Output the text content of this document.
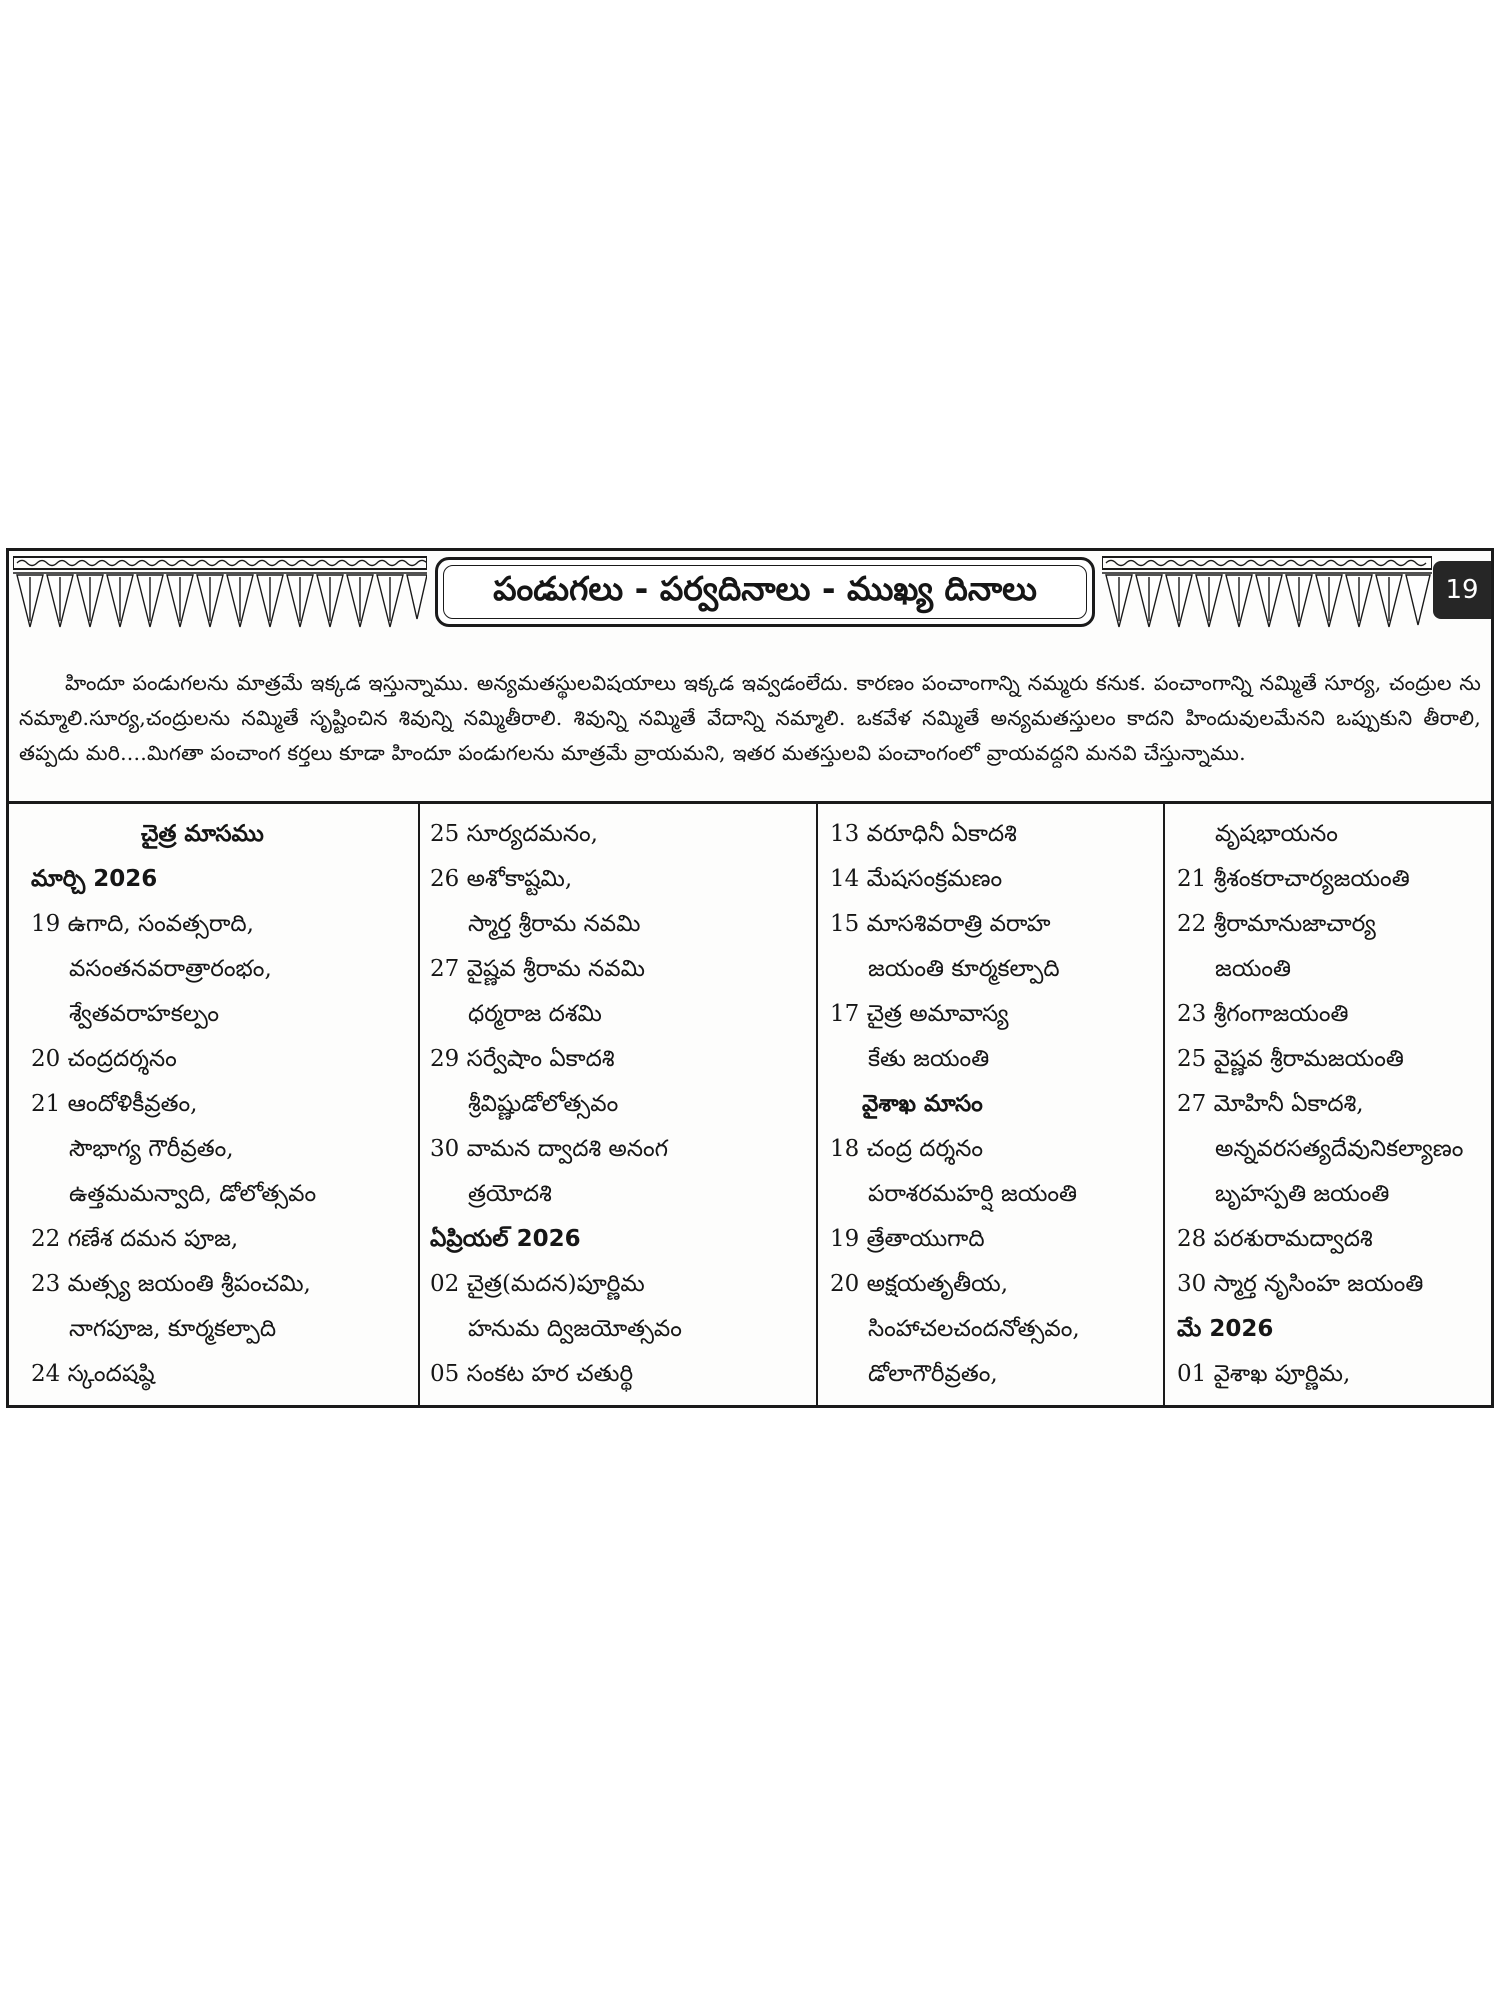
పండుగలు - పర్వదినాలు - ముఖ్య దినాలు	19

హిందూ పండుగలను మాత్రమే ఇక్కడ ఇస్తున్నాము. అన్యమతస్థులవిషయాలు ఇక్కడ ఇవ్వడంలేదు. కారణం పంచాంగాన్ని నమ్మరు కనుక. పంచాంగాన్ని నమ్మితే సూర్య, చంద్రుల ను నమ్మాలి.సూర్య,చంద్రులను నమ్మితే సృష్టించిన శివున్ని నమ్మితీరాలి. శివున్ని నమ్మితే వేదాన్ని నమ్మాలి. ఒకవేళ నమ్మితే అన్యమతస్తులం కాదని హిందువులమేనని ఒప్పుకుని తీరాలి, తప్పదు మరి....మిగతా పంచాంగ కర్తలు కూడా హిందూ పండుగలను మాత్రమే వ్రాయమని, ఇతర మతస్తులవి పంచాంగంలో వ్రాయవద్దని మనవి చేస్తున్నాము.

చైత్ర మాసము
మార్చి 2026
19 ఉగాది, సంవత్సరాది,
వసంతనవరాత్రారంభం,
శ్వేతవరాహకల్పం
20 చంద్రదర్శనం
21 ఆందోళికీవ్రతం,
సౌభాగ్య గౌరీవ్రతం,
ఉత్తమమన్వాది, డోలోత్సవం
22 గణేశ దమన పూజ,
23 మత్స్య జయంతి శ్రీపంచమి,
నాగపూజ, కూర్మకల్పాది
24 స్కందషష్ఠి
25 సూర్యదమనం,
26 అశోకాష్టమి,
స్మార్త శ్రీరామ నవమి
27 వైష్ణవ శ్రీరామ నవమి
ధర్మరాజ దశమి
29 సర్వేషాం ఏకాదశి
శ్రీవిష్ణుడోలోత్సవం
30 వామన ద్వాదశి అనంగ
త్రయోదశి
ఏప్రియల్ 2026
02 చైత్ర(మదన)పూర్ణిమ
హనుమ ద్విజయోత్సవం
05 సంకట హర చతుర్థి
13 వరూధినీ ఏకాదశి
14 మేషసంక్రమణం
15 మాసశివరాత్రి వరాహ
జయంతి కూర్మకల్పాది
17 చైత్ర అమావాస్య
కేతు జయంతి
వైశాఖ మాసం
18 చంద్ర దర్శనం
పరాశరమహర్షి జయంతి
19 త్రేతాయుగాది
20 అక్షయతృతీయ,
సింహాచలచందనోత్సవం,
డోలాగౌరీవ్రతం,
వృషభాయనం
21 శ్రీశంకరాచార్యజయంతి
22 శ్రీరామానుజాచార్య
జయంతి
23 శ్రీగంగాజయంతి
25 వైష్ణవ శ్రీరామజయంతి
27 మోహినీ ఏకాదశి,
అన్నవరసత్యదేవునికల్యాణం
బృహస్పతి జయంతి
28 పరశురామద్వాదశి
30 స్మార్త నృసింహ జయంతి
మే 2026
01 వైశాఖ పూర్ణిమ,
